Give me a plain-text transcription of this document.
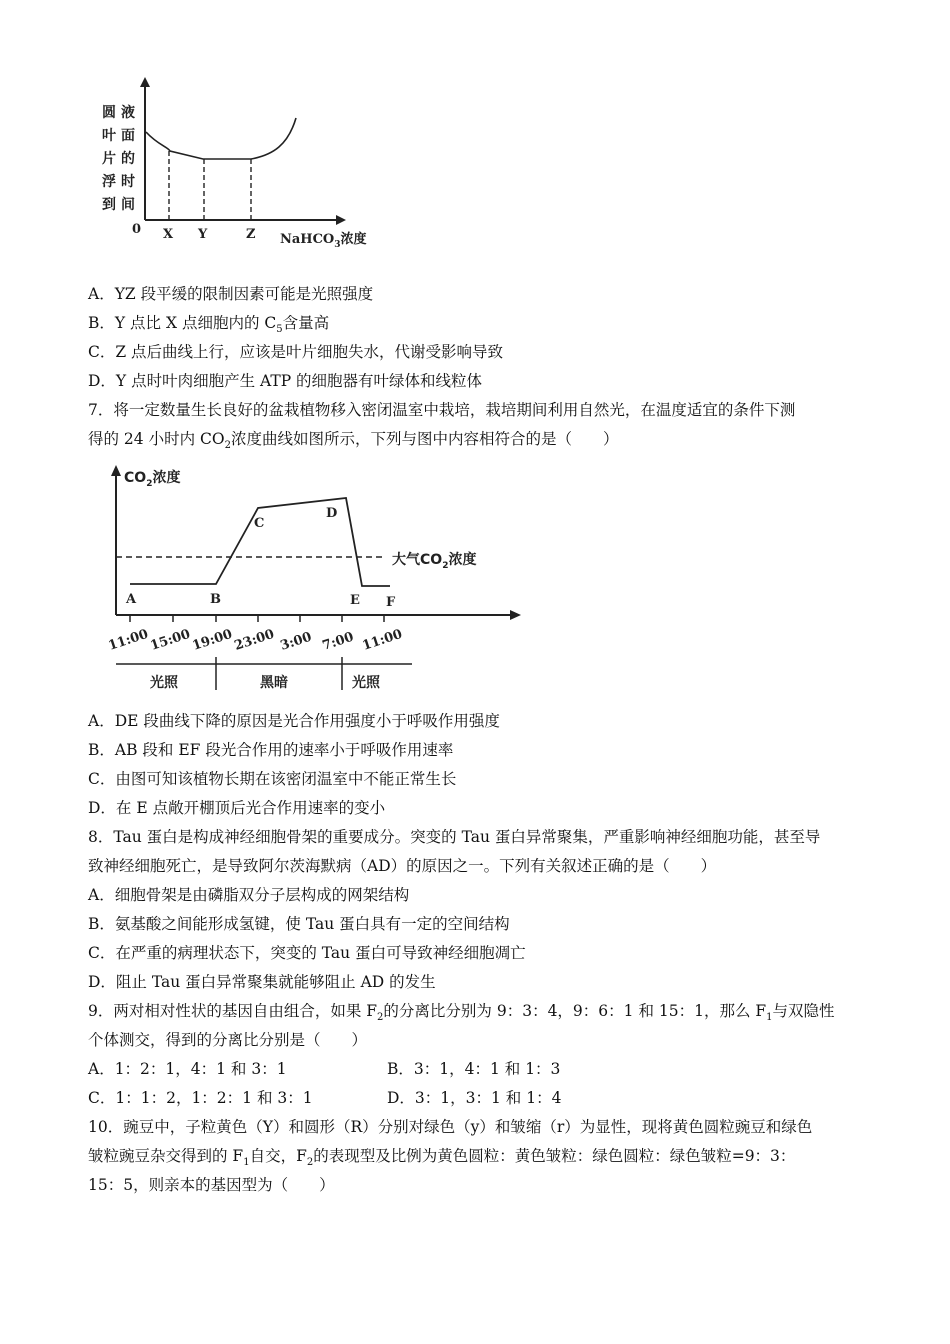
圆
叶
片
浮
到
液
面
的
时
间
0 X Y	Z NaHCO$_3$浓度
A．YZ 段平缓的限制因素可能是光照强度
B．Y 点比 X 点细胞内的 $C_5$含量高
C．Z 点后曲线上行，应该是叶片细胞失水，代谢受影响导致
D．Y 点时叶肉细胞产生 ATP 的细胞器有叶绿体和线粒体
7．将一定数量生长良好的盆栽植物移入密闭温室中栽培，栽培期间利用自然光，在温度适宜的条件下测
得的 24 小时内 $CO_2$浓度曲线如图所示，下列与图中内容相符合的是（　　）
$CO_2$浓度
大气$CO_2$浓度
A	B
C
D
E F
11:00
15:00
19:00
23:00 3:00 7:00 11:00
光照	黑暗	光照
A．DE 段曲线下降的原因是光合作用强度小于呼吸作用强度
B．AB 段和 EF 段光合作用的速率小于呼吸作用速率
C．由图可知该植物长期在该密闭温室中不能正常生长
D．在 E 点敞开棚顶后光合作用速率的变小
8．Tau 蛋白是构成神经细胞骨架的重要成分。突变的 Tau 蛋白异常聚集，严重影响神经细胞功能，甚至导
致神经细胞死亡，是导致阿尔茨海默病（AD）的原因之一。下列有关叙述正确的是（　　）
A．细胞骨架是由磷脂双分子层构成的网架结构
B．氨基酸之间能形成氢键，使 Tau 蛋白具有一定的空间结构
C．在严重的病理状态下，突变的 Tau 蛋白可导致神经细胞凋亡
D．阻止 Tau 蛋白异常聚集就能够阻止 AD 的发生
9．两对相对性状的基因自由组合，如果 $F_2$的分离比分别为 9：3：4，9：6：1 和 15：1，那么 $F_1$与双隐性
个体测交，得到的分离比分别是（　　）
A．1：2：1，4：1 和 3：1	B．3：1，4：1 和 1：3
C．1：1：2，1：2：1 和 3：1	D．3：1，3：1 和 1：4
10．豌豆中，子粒黄色（Y）和圆形（R）分别对绿色（y）和皱缩（r）为显性，现将黄色圆粒豌豆和绿色
皱粒豌豆杂交得到的 $F_1$自交，$F_2$的表现型及比例为黄色圆粒：黄色皱粒：绿色圆粒：绿色皱粒=9：3：
15：5，则亲本的基因型为（　　）
